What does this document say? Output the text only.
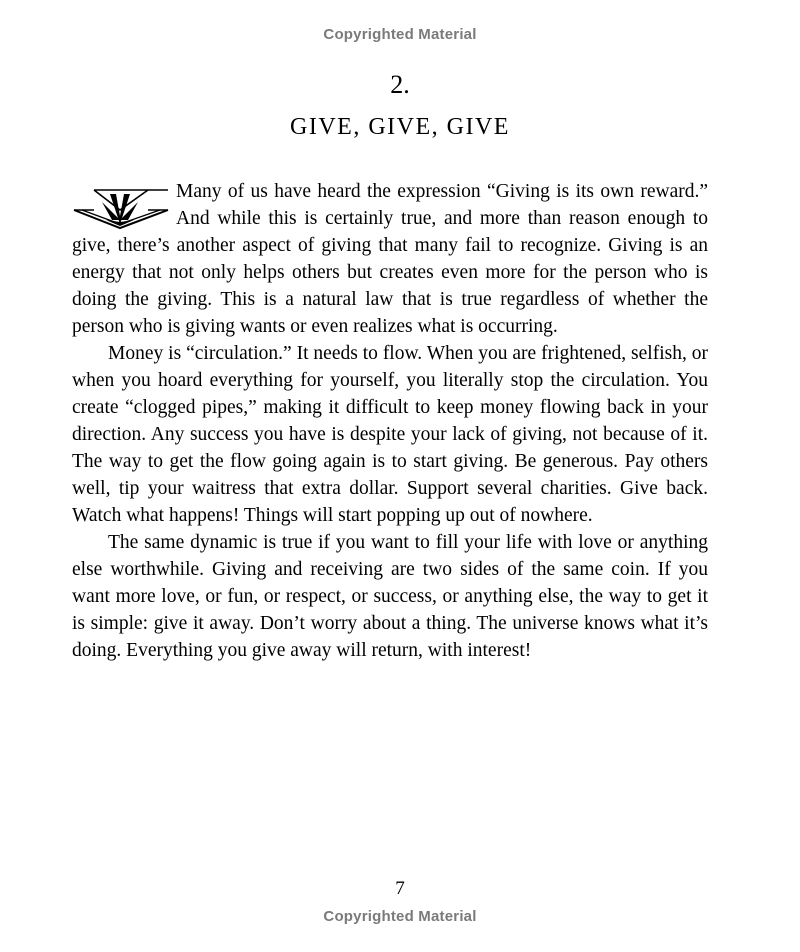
Copyrighted Material
2.
GIVE, GIVE, GIVE

Many of us have heard the expression “Giving is its own reward.” And while this is certainly true, and more than reason enough to give, there’s another aspect of giving that many fail to recognize. Giving is an energy that not only helps others but creates even more for the person who is doing the giving. This is a natural law that is true regardless of whether the person who is giving wants or even realizes what is occurring.

Money is “circulation.” It needs to flow. When you are frightened, selfish, or when you hoard everything for yourself, you literally stop the circulation. You create “clogged pipes,” making it difficult to keep money flowing back in your direction. Any success you have is despite your lack of giving, not because of it. The way to get the flow going again is to start giving. Be generous. Pay others well, tip your waitress that extra dollar. Support several charities. Give back. Watch what happens! Things will start popping up out of nowhere.

The same dynamic is true if you want to fill your life with love or anything else worthwhile. Giving and receiving are two sides of the same coin. If you want more love, or fun, or respect, or success, or anything else, the way to get it is simple: give it away. Don’t worry about a thing. The universe knows what it’s doing. Everything you give away will return, with interest!

7
Copyrighted Material
